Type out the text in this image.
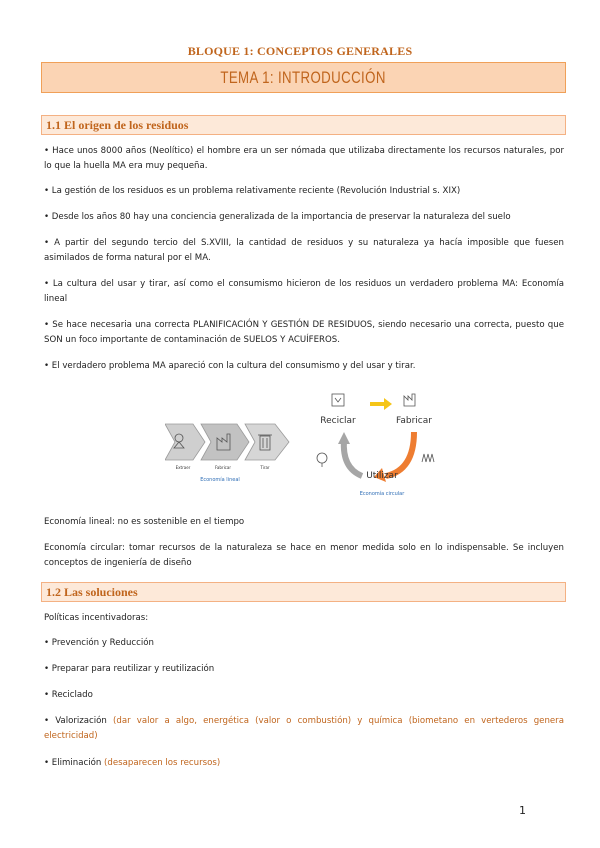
BLOQUE 1: CONCEPTOS GENERALES
TEMA 1: INTRODUCCIÓN
1.1 El origen de los residuos
• Hace unos 8000 años (Neolítico) el hombre era un ser nómada que utilizaba directamente los recursos naturales, por lo que la huella MA era muy pequeña.
• La gestión de los residuos es un problema relativamente reciente (Revolución Industrial s. XIX)
• Desde los años 80 hay una conciencia generalizada de la importancia de preservar la naturaleza del suelo
• A partir del segundo tercio del S.XVIII, la cantidad de residuos y su naturaleza ya hacía imposible que fuesen asimilados de forma natural por el MA.
• La cultura del usar y tirar, así como el consumismo hicieron de los residuos un verdadero problema MA: Economía lineal
• Se hace necesaria una correcta PLANIFICACIÓN Y GESTIÓN DE RESIDUOS, siendo necesario una correcta, puesto que SON un foco importante de contaminación de SUELOS Y ACUÍFEROS.
• El verdadero problema MA apareció con la cultura del consumismo y del usar y tirar.
Extraer	Fabricar	Tirar
Economía lineal
Reciclar	Fabricar
Utilizar
Economía circular
Economía lineal: no es sostenible en el tiempo
Economía circular: tomar recursos de la naturaleza se hace en menor medida solo en lo indispensable. Se incluyen conceptos de ingeniería de diseño
1.2 Las soluciones
Políticas incentivadoras:
• Prevención y Reducción
• Preparar para reutilizar y reutilización
• Reciclado
• Valorización (dar valor a algo, energética (valor o combustión) y química (biometano en vertederos genera electricidad)
• Eliminación (desaparecen los recursos)
1
